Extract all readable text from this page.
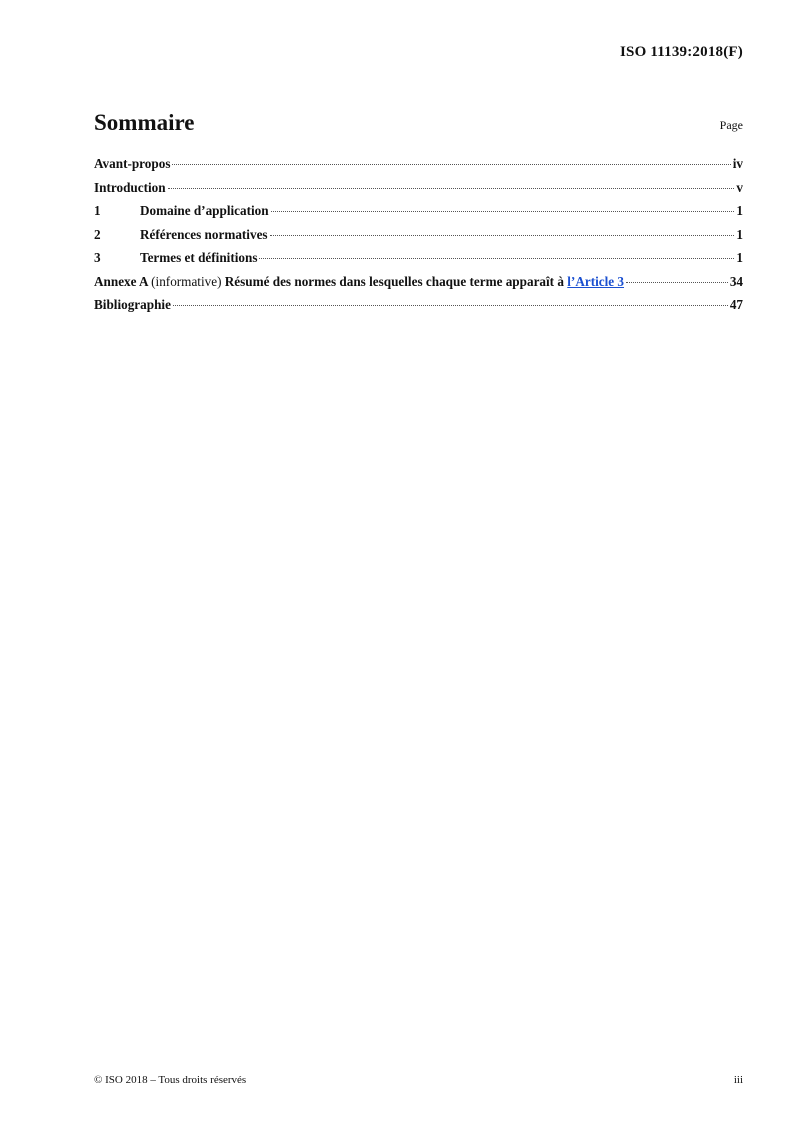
ISO 11139:2018(F)
Sommaire	Page
Avant-propos	iv
Introduction	v
1	Domaine d’application	1
2	Références normatives	1
3	Termes et définitions	1
Annexe A (informative) Résumé des normes dans lesquelles chaque terme apparaît à l’Article 3	34
Bibliographie	47
© ISO 2018 – Tous droits réservés	iii
